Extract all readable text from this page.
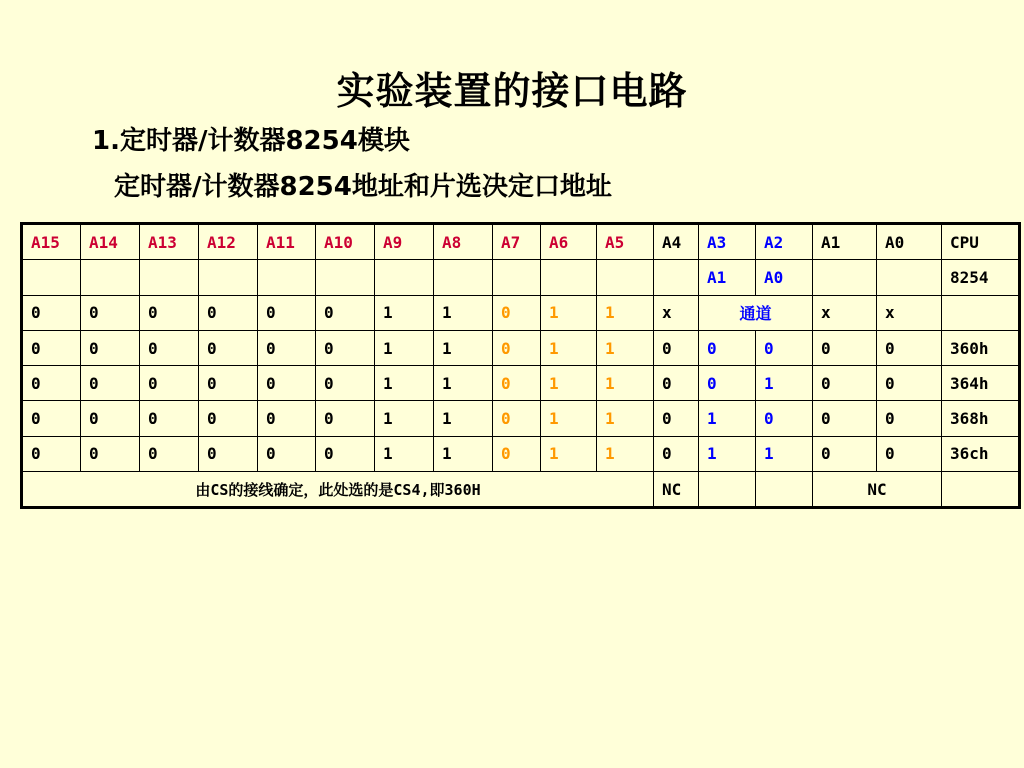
实验装置的接口电路
1.定时器/计数器8254模块
定时器/计数器8254地址和片选决定口地址
A15	A14	A13	A12	A11	A10	A9	A8	A7	A6	A5	A4	A3	A2	A1	A0	CPU
												A1	A0			8254
0	0	0	0	0	0	1	1	0	1	1	x	通道		x	x	
0	0	0	0	0	0	1	1	0	1	1	0	0	0	0	0	360h
0	0	0	0	0	0	1	1	0	1	1	0	0	1	0	0	364h
0	0	0	0	0	0	1	1	0	1	1	0	1	0	0	0	368h
0	0	0	0	0	0	1	1	0	1	1	0	1	1	0	0	36ch
由CS的接线确定，此处选的是CS4,即360H											NC			NC		
